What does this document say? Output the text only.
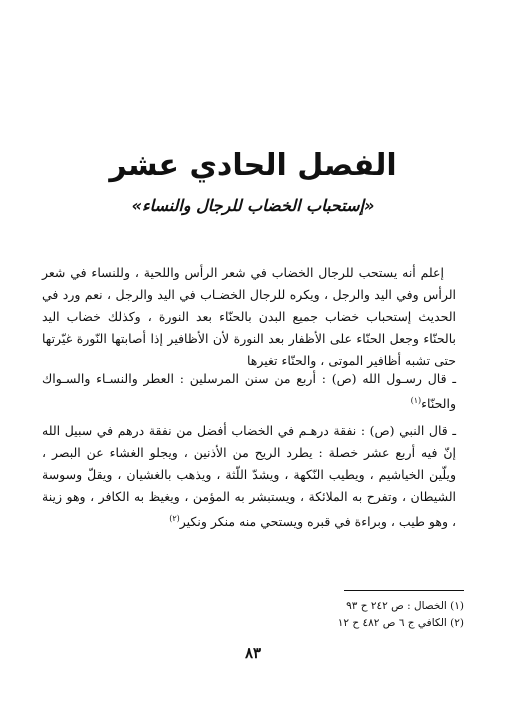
الفصل الحادي عشر
«إستحباب الخضاب للرجال والنساء»

إعلم أنه يستحب للرجال الخضاب في شعر الرأس واللحية ، وللنساء في شعر الرأس وفي اليد والرجل ، ويكره للرجال الخضـاب في اليد والرجل ، نعم ورد في الحديث إستحباب خضاب جميع البدن بالحنّاء بعد النورة ، وكذلك خضاب اليد بالحنّاء وجعل الحنّاء على الأظفار بعد النورة لأن الأظافير إذا أصابتها النّورة غيّرتها حتى تشبه أظافير الموتى ، والحنّاء تغيرها

ـ قال رسـول الله (ص) : أربع من سنن المرسلين : العطر والنسـاء والسـواك والحنّاء$^{(١)}$

ـ قال النبي (ص) : نفقة درهـم في الخضاب أفضل من نفقة درهم في سبيل الله إنّ فيه أربع عشر خصلة : يطرد الريح من الأذنين ، ويجلو الغشاء عن البصر ، ويلّين الخياشيم ، ويطيب النّكهة ، ويشدّ اللّثة ، ويذهب بالغشيان ، ويقلّ وسوسة الشيطان ، وتفرح به الملائكة ، ويستبشر به المؤمن ، ويغيظ به الكافر ، وهو زينة ، وهو طيب ، وبراءة في قبره ويستحي منه منكر ونكير$^{(٢)}$

(١) الخصال : ص ٢٤٢ ح ٩٣
(٢) الكافي ج ٦ ص ٤٨٢ ح ١٢
٨٣
